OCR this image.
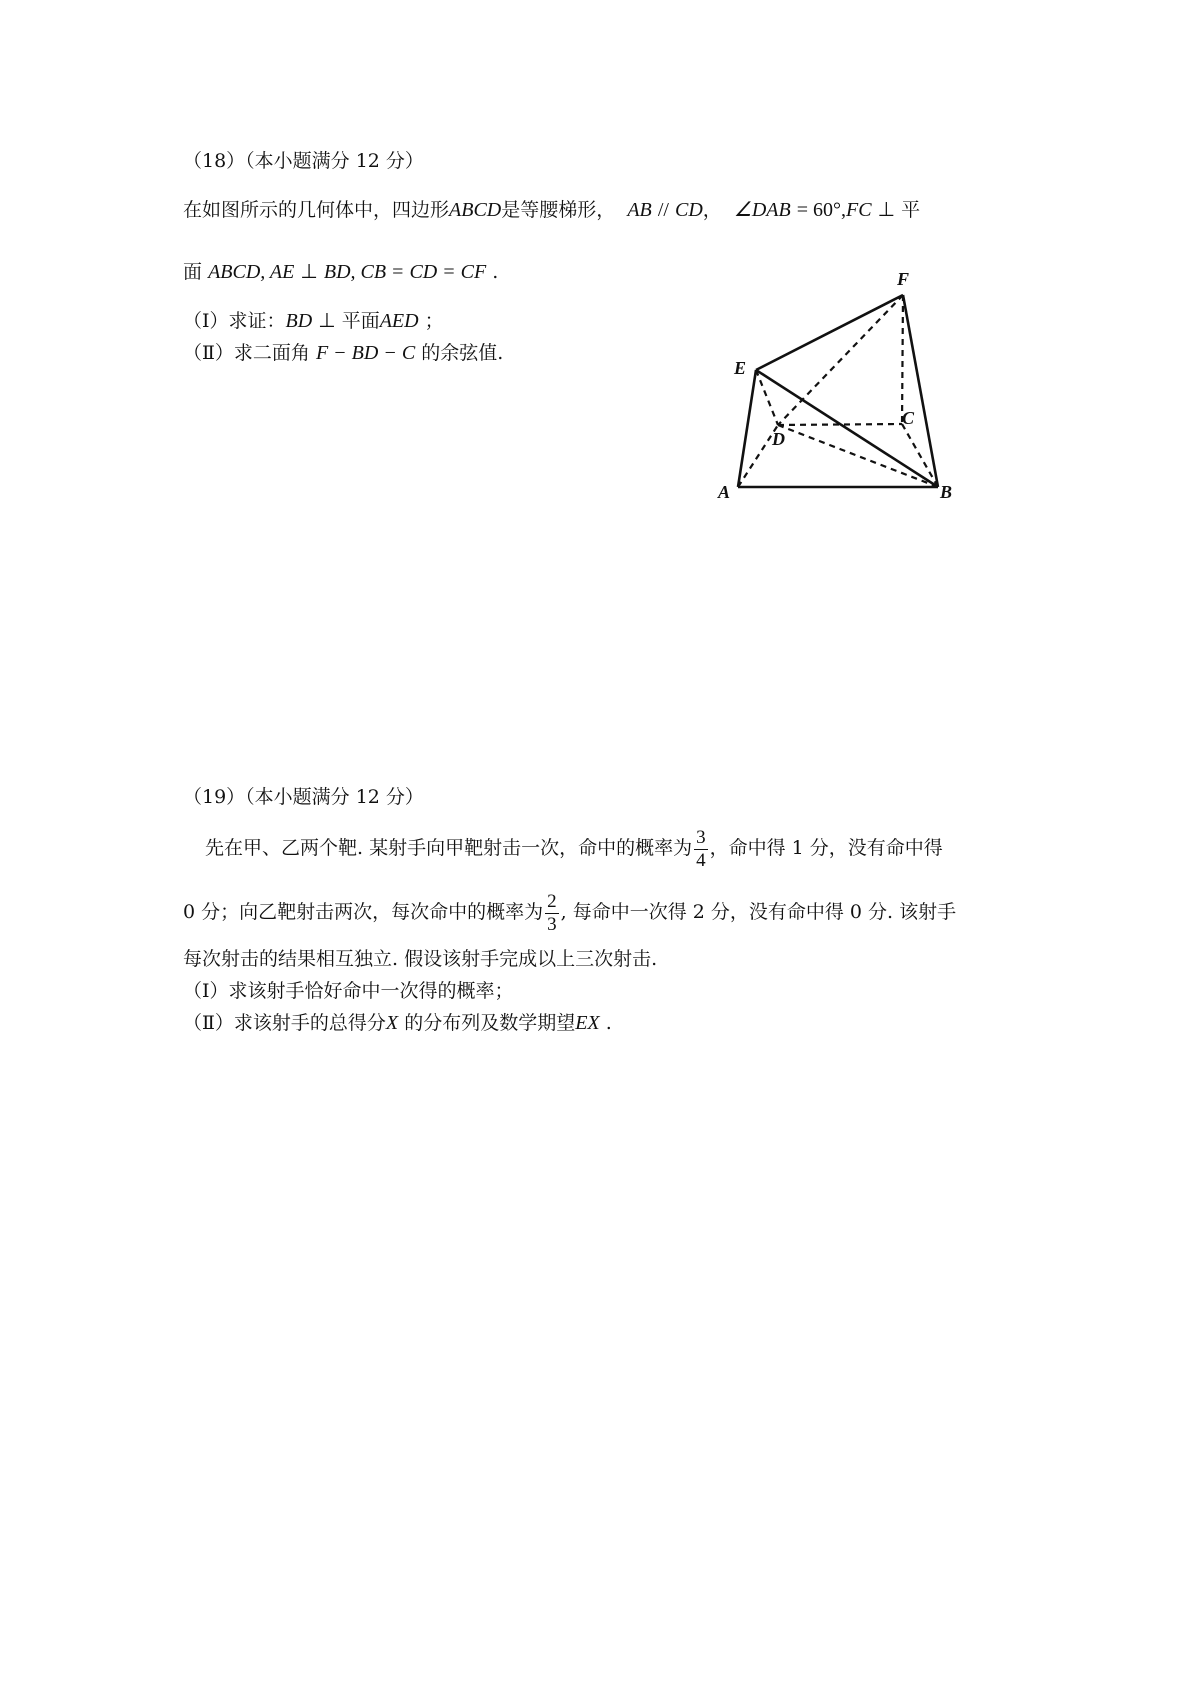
（18）（本小题满分 12 分）
在如图所示的几何体中，四边形ABCD是等腰梯形， AB // CD， ∠DAB = 60°,FC ⊥ 平
面 ABCD, AE ⊥ BD, CB = CD = CF .
（Ⅰ）求证：BD ⊥ 平面AED ；
（Ⅱ）求二面角 F − BD − C 的余弦值.
F
E
C
D
A	B
（19）（本小题满分 12 分）
先在甲、乙两个靶. 某射手向甲靶射击一次，命中的概率为 $\frac{3}{4}$ ，命中得 1 分，没有命中得
0 分；向乙靶射击两次，每次命中的概率为 $\frac{2}{3}$ , 每命中一次得 2 分，没有命中得 0 分. 该射手
每次射击的结果相互独立. 假设该射手完成以上三次射击.
（Ⅰ）求该射手恰好命中一次得的概率；
（Ⅱ）求该射手的总得分X 的分布列及数学期望EX .
